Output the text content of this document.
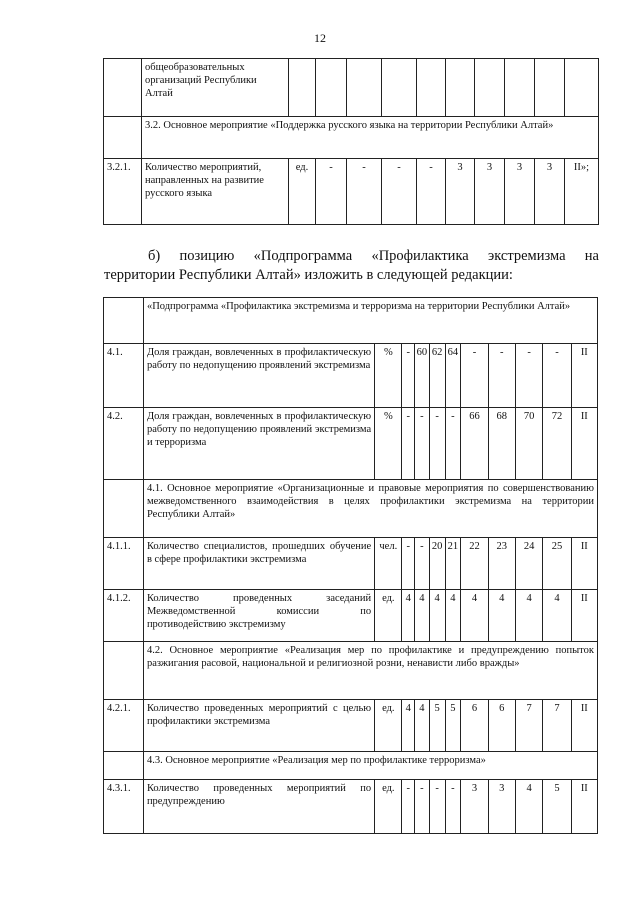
12
	общеобразовательных организаций Республики Алтай										
	3.2. Основное мероприятие «Поддержка русского языка на территории Республики Алтай»										
3.2.1.	Количество мероприятий, направленных на развитие русского языка	ед.	-	-	-	-	3	3	3	3	II»;
б) позицию «Подпрограмма «Профилактика экстремизма на
территории Республики Алтай» изложить в следующей редакции:
	«Подпрограмма «Профилактика экстремизма и терроризма на территории Республики Алтай»										
4.1.	Доля граждан, вовлеченных в профилактическую работу по недопущению проявлений экстремизма	%	-	60	62	64	-	-	-	-	II
4.2.	Доля граждан, вовлеченных в профилактическую работу по недопущению проявлений экстремизма и терроризма	%	-	-	-	-	66	68	70	72	II
	4.1. Основное мероприятие «Организационные и правовые мероприятия по совершенствованию межведомственного взаимодействия в целях профилактики экстремизма на территории Республики Алтай»										
4.1.1.	Количество специалистов, прошедших обучение в сфере профилактики экстремизма	чел.	-	-	20	21	22	23	24	25	II
4.1.2.	Количество проведенных заседаний Межведомственной комиссии по противодействию экстремизму	ед.	4	4	4	4	4	4	4	4	II
	4.2. Основное мероприятие «Реализация мер по профилактике и предупреждению попыток разжигания расовой, национальной и религиозной розни, ненависти либо вражды»										
4.2.1.	Количество проведенных мероприятий с целью профилактики экстремизма	ед.	4	4	5	5	6	6	7	7	II
	4.3. Основное мероприятие «Реализация мер по профилактике терроризма»										
4.3.1.	Количество проведенных мероприятий по предупреждению	ед.	-	-	-	-	3	3	4	5	II
